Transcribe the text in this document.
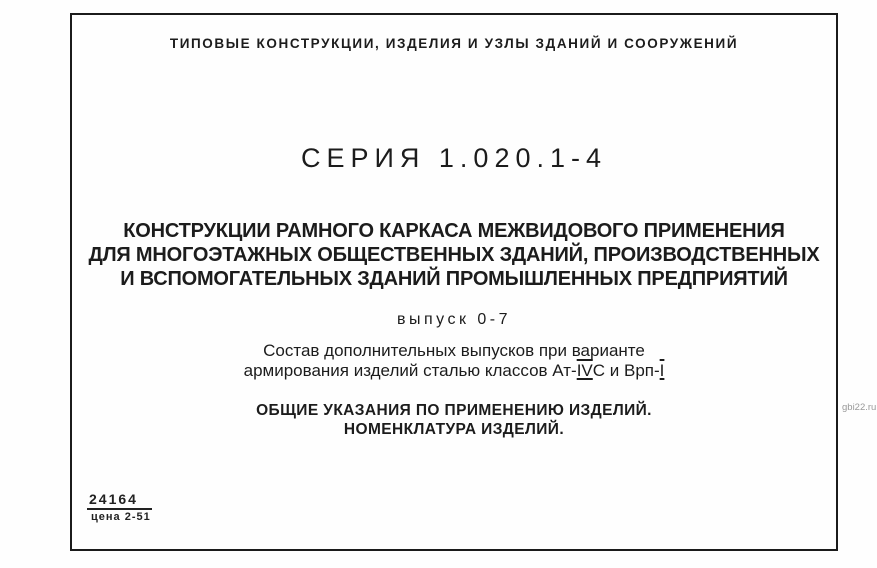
ТИПОВЫЕ КОНСТРУКЦИИ, ИЗДЕЛИЯ И УЗЛЫ ЗДАНИЙ И СООРУЖЕНИЙ
СЕРИЯ 1.020.1-4
КОНСТРУКЦИИ РАМНОГО КАРКАСА МЕЖВИДОВОГО ПРИМЕНЕНИЯ
ДЛЯ МНОГОЭТАЖНЫХ ОБЩЕСТВЕННЫХ ЗДАНИЙ, ПРОИЗВОДСТВЕННЫХ
И ВСПОМОГАТЕЛЬНЫХ ЗДАНИЙ ПРОМЫШЛЕННЫХ ПРЕДПРИЯТИЙ
выпуск 0-7
Состав дополнительных выпусков при варианте
армирования изделий сталью классов Ат-IVС и Врп-I
ОБЩИЕ УКАЗАНИЯ ПО ПРИМЕНЕНИЮ ИЗДЕЛИЙ.
НОМЕНКЛАТУРА ИЗДЕЛИЙ.
24164
цена 2-51
gbi22.ru
